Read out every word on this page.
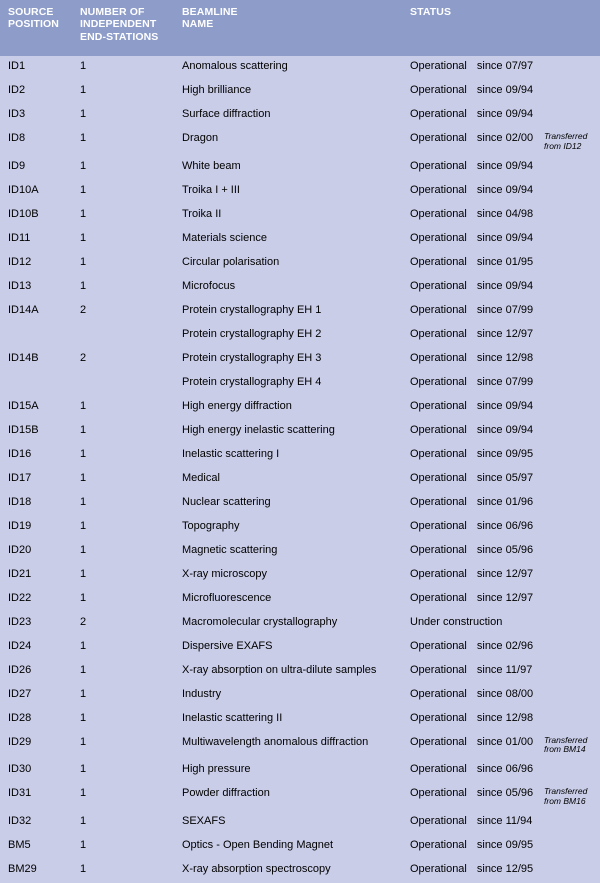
SOURCE
POSITION	NUMBER OF
INDEPENDENT
END-STATIONS	BEAMLINE
NAME	STATUS	
ID1	1	Anomalous scattering	Operational since 07/97	

ID2	1	High brilliance	Operational since 09/94	

ID3	1	Surface diffraction	Operational since 09/94	

ID8	1	Dragon	Operational since 02/00	Transferred
from ID12

ID9	1	White beam	Operational since 09/94	

ID10A	1	Troika I + III	Operational since 09/94	

ID10B	1	Troika II	Operational since 04/98	

ID11	1	Materials science	Operational since 09/94	

ID12	1	Circular polarisation	Operational since 01/95	

ID13	1	Microfocus	Operational since 09/94	

ID14A	2	Protein crystallography EH 1	Operational since 07/99	

		Protein crystallography EH 2	Operational since 12/97	

ID14B	2	Protein crystallography EH 3	Operational since 12/98	

		Protein crystallography EH 4	Operational since 07/99	

ID15A	1	High energy diffraction	Operational since 09/94	

ID15B	1	High energy inelastic scattering	Operational since 09/94	

ID16	1	Inelastic scattering I	Operational since 09/95	

ID17	1	Medical	Operational since 05/97	

ID18	1	Nuclear scattering	Operational since 01/96	

ID19	1	Topography	Operational since 06/96	

ID20	1	Magnetic scattering	Operational since 05/96	

ID21	1	X-ray microscopy	Operational since 12/97	

ID22	1	Microfluorescence	Operational since 12/97	

ID23	2	Macromolecular crystallography	Under construction	

ID24	1	Dispersive EXAFS	Operational since 02/96	

ID26	1	X-ray absorption on ultra-dilute samples	Operational since 11/97	

ID27	1	Industry	Operational since 08/00	

ID28	1	Inelastic scattering II	Operational since 12/98	

ID29	1	Multiwavelength anomalous diffraction	Operational since 01/00	Transferred
from BM14

ID30	1	High pressure	Operational since 06/96	

ID31	1	Powder diffraction	Operational since 05/96	Transferred
from BM16

ID32	1	SEXAFS	Operational since 11/94	

BM5	1	Optics - Open Bending Magnet	Operational since 09/95	

BM29	1	X-ray absorption spectroscopy	Operational since 12/95	
